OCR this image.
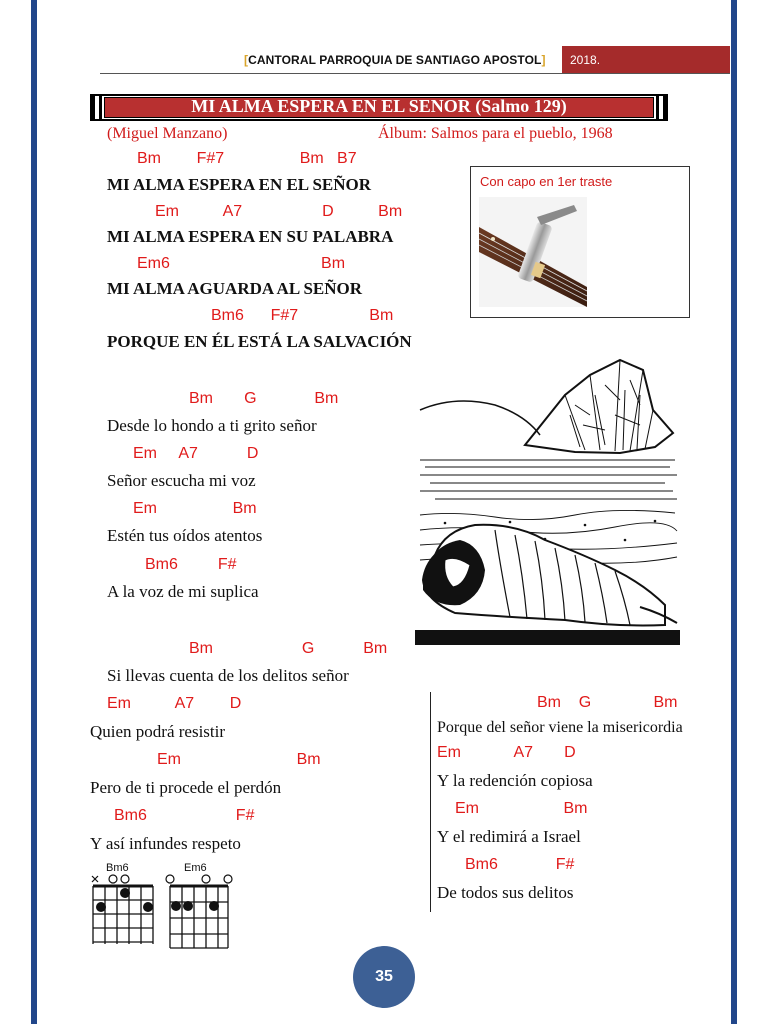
[CANTORAL PARROQUIA DE SANTIAGO APOSTOL]	2018.
MI ALMA ESPERA EN EL SENOR (Salmo 129)
(Miguel Manzano)	Álbum: Salmos para el pueblo, 1968
Bm        F#7                 Bm   B7
MI ALMA ESPERA EN EL SEÑOR
Em          A7                  D          Bm
MI ALMA ESPERA EN SU PALABRA
Em6                                  Bm
MI ALMA AGUARDA AL SEÑOR
Bm6      F#7                Bm
PORQUE EN ÉL ESTÁ LA SALVACIÓN
Con capo en 1er traste
Bm       G             Bm
Desde lo hondo a ti grito señor
Em     A7           D
Señor escucha mi voz
Em                 Bm
Estén tus oídos atentos
Bm6         F#
A la voz de mi suplica
Bm                    G           Bm
Si llevas cuenta de los delitos señor
Em          A7        D
Quien podrá resistir
Em                          Bm
Pero de ti procede el perdón
Bm6                    F#
Y así infundes respeto
Bm    G              Bm
Porque del señor viene la misericordia
Em            A7       D
Y la redención copiosa
Em                   Bm
Y el redimirá a Israel
Bm6             F#
De todos sus delitos
Bm6	Em6
35
